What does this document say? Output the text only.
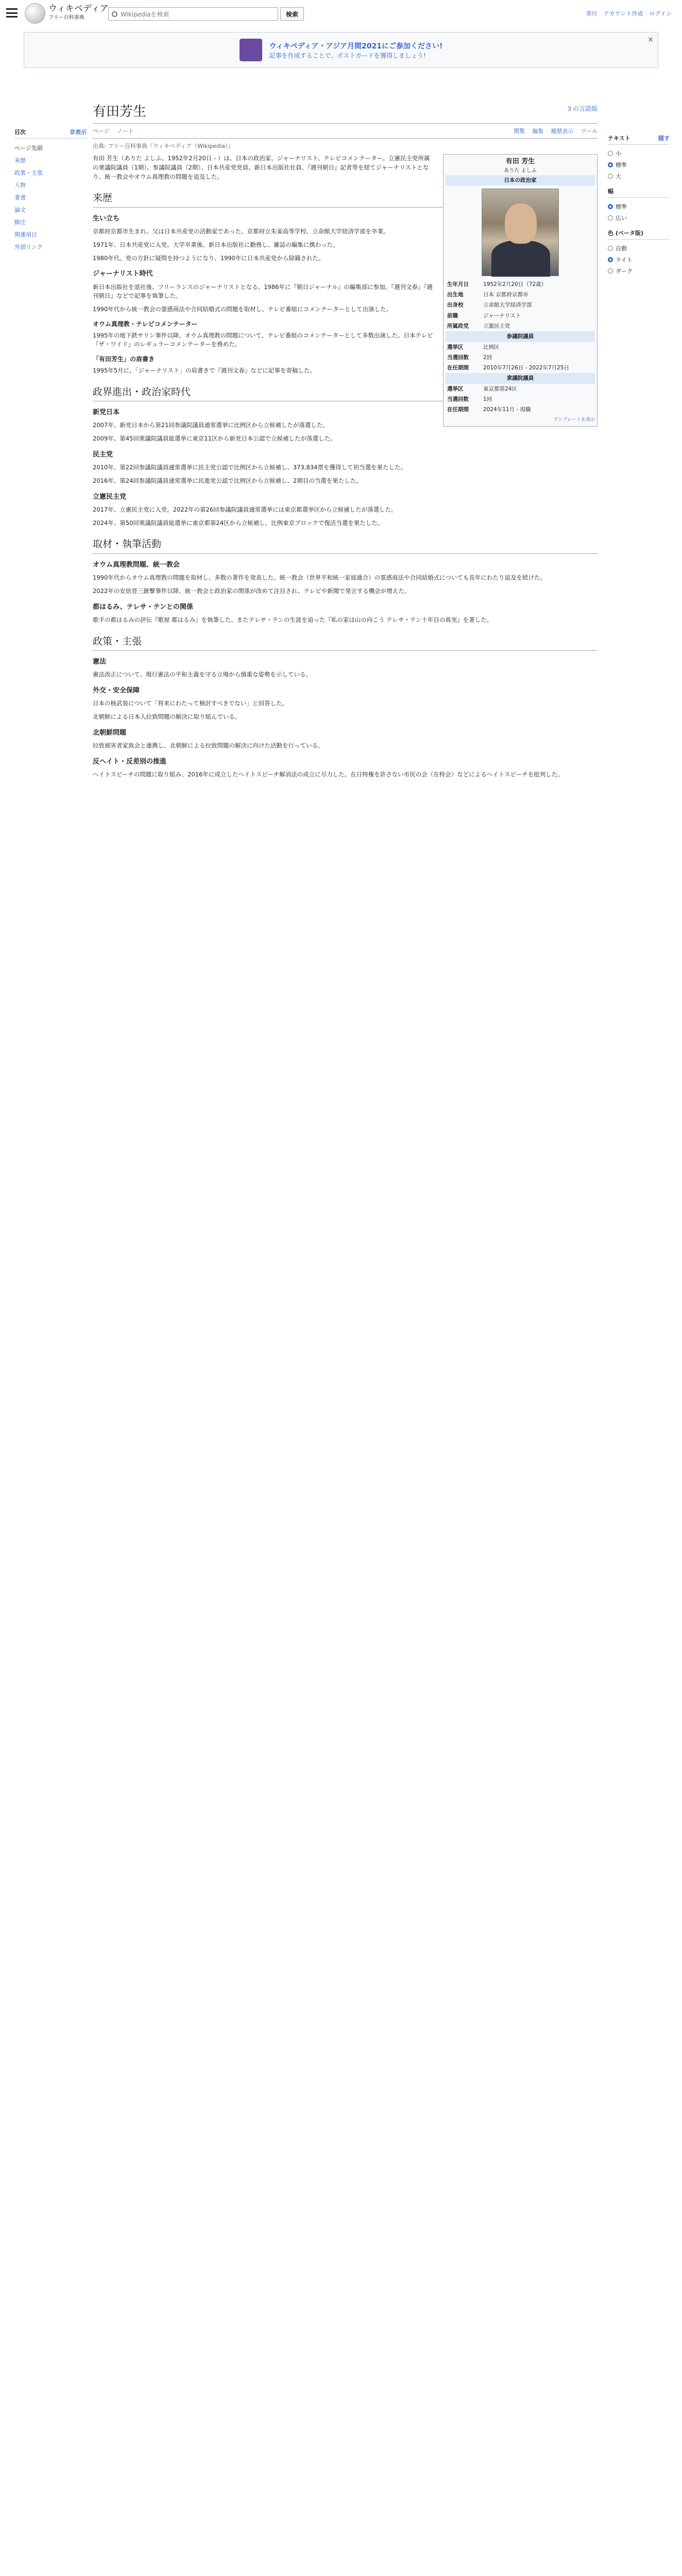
ウィキペディア
フリー百科事典	Wikipediaを検索	検索	寄付 アカウント作成 ログイン
ウィキペディア・アジア月間2021にご参加ください!
記事を作成することで、ポストカードを獲得しましょう!
×
目次	非表示
ページ先頭
来歴
政策・主張
人物
著書
論文
脚注
関連項目
外部リンク
テキスト	隠す
小
標準
大
幅
標準
広い
色 (ベータ版)
自動
ライト
ダーク
有田芳生	3 の言語版
ページ ノート	閲覧 編集 履歴表示 ツール
出典: フリー百科事典『ウィキペディア（Wikipedia）』
有田 芳生
ありた よしふ
日本の政治家
生年月日	1952年2月20日（72歳）
出生地	日本 京都府京都市
出身校	立命館大学経済学部
前職	ジャーナリスト
所属政党	立憲民主党
参議院議員
選挙区	比例区
当選回数	2回
在任期間	2010年7月26日 - 2022年7月25日
衆議院議員
選挙区	東京都第24区
当選回数	1回
在任期間	2024年11月 - 現職
テンプレートを表示

有田 芳生（ありた よしふ、1952年2月20日 - ）は、日本の政治家、ジャーナリスト、テレビコメンテーター。立憲民主党所属の衆議院議員（1期）。参議院議員（2期）、日本共産党党員、新日本出版社社員、『週刊朝日』記者等を経てジャーナリストとなり、統一教会やオウム真理教の問題を追及した。

来歴
生い立ち

京都府京都市生まれ。父は日本共産党の活動家であった。京都府立朱雀高等学校、立命館大学経済学部を卒業。

1971年、日本共産党に入党。大学卒業後、新日本出版社に勤務し、雑誌の編集に携わった。

1980年代、党の方針に疑問を持つようになり、1990年に日本共産党から除籍された。

ジャーナリスト時代

新日本出版社を退社後、フリーランスのジャーナリストとなる。1986年に『朝日ジャーナル』の編集部に参加。『週刊文春』『週刊朝日』などで記事を執筆した。

1990年代から統一教会の霊感商法や合同結婚式の問題を取材し、テレビ番組にコメンテーターとして出演した。

オウム真理教・テレビコメンテーター

1995年の地下鉄サリン事件以降、オウム真理教の問題について、テレビ番組のコメンテーターとして多数出演した。日本テレビ『ザ・ワイド』のレギュラーコメンテーターを務めた。

「有田芳生」の肩書き

1995年5月に、「ジャーナリスト」の肩書きで『週刊文春』などに記事を寄稿した。

政界進出・政治家時代
新党日本

2007年、新党日本から第21回参議院議員通常選挙に比例区から立候補したが落選した。

2009年、第45回衆議院議員総選挙に東京11区から新党日本公認で立候補したが落選した。

民主党

2010年、第22回参議院議員通常選挙に民主党公認で比例区から立候補し、373,834票を獲得して初当選を果たした。

2016年、第24回参議院議員通常選挙に民進党公認で比例区から立候補し、2期目の当選を果たした。

立憲民主党

2017年、立憲民主党に入党。2022年の第26回参議院議員通常選挙には東京都選挙区から立候補したが落選した。

2024年、第50回衆議院議員総選挙に東京都第24区から立候補し、比例東京ブロックで復活当選を果たした。

取材・執筆活動
オウム真理教問題、統一教会

1990年代からオウム真理教の問題を取材し、多数の著作を発表した。統一教会（世界平和統一家庭連合）の霊感商法や合同結婚式についても長年にわたり追及を続けた。

2022年の安倍晋三銃撃事件以降、統一教会と政治家の関係が改めて注目され、テレビや新聞で発言する機会が増えた。

都はるみ、テレサ・テンとの関係

歌手の都はるみの評伝『歌屋 都はるみ』を執筆した。またテレサ・テンの生涯を追った『私の家は山の向こう テレサ・テン十年目の真実』を著した。

政策・主張
憲法

憲法改正について、現行憲法の平和主義を守る立場から慎重な姿勢を示している。

外交・安全保障

日本の核武装について「将来にわたって検討すべきでない」と回答した。

北朝鮮による日本人拉致問題の解決に取り組んでいる。

北朝鮮問題

拉致被害者家族会と連携し、北朝鮮による拉致問題の解決に向けた活動を行っている。

反ヘイト・反差別の推進

ヘイトスピーチの問題に取り組み、2016年に成立したヘイトスピーチ解消法の成立に尽力した。在日特権を許さない市民の会（在特会）などによるヘイトスピーチを批判した。
